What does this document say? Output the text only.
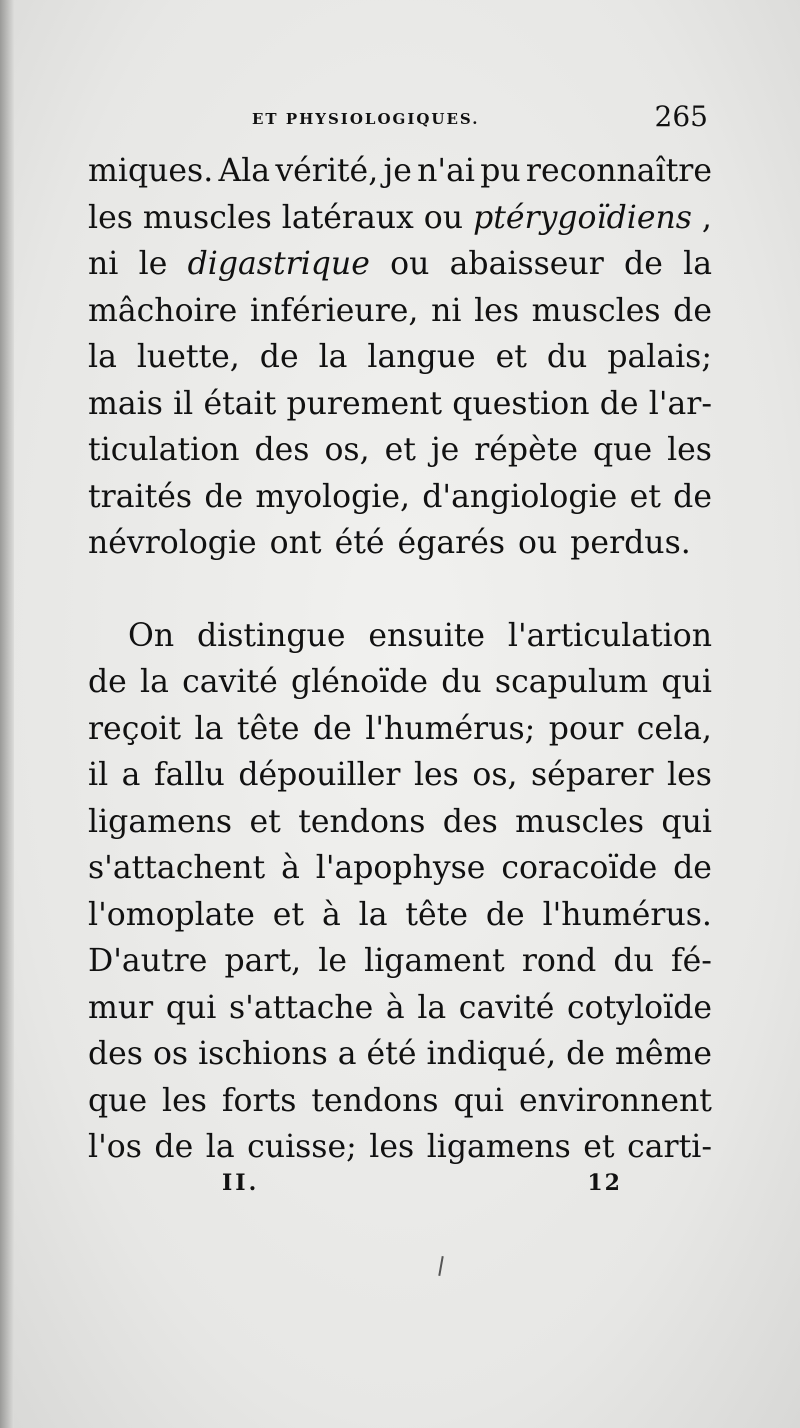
ET PHYSIOLOGIQUES.	265
miques. Ala vérité, je n'ai pu reconnaître
les muscles latéraux ou ptérygoïdiens ,
ni le digastrique ou abaisseur de la
mâchoire inférieure, ni les muscles de
la luette, de la langue et du palais;
mais il était purement question de l'ar-
ticulation des os, et je répète que les
traités de myologie, d'angiologie et de
névrologie ont été égarés ou perdus.
On distingue ensuite l'articulation
de la cavité glénoïde du scapulum qui
reçoit la tête de l'humérus; pour cela,
il a fallu dépouiller les os, séparer les
ligamens et tendons des muscles qui
s'attachent à l'apophyse coracoïde de
l'omoplate et à la tête de l'humérus.
D'autre part, le ligament rond du fé-
mur qui s'attache à la cavité cotyloïde
des os ischions a été indiqué, de même
que les forts tendons qui environnent
l'os de la cuisse; les ligamens et carti-
II.	12
